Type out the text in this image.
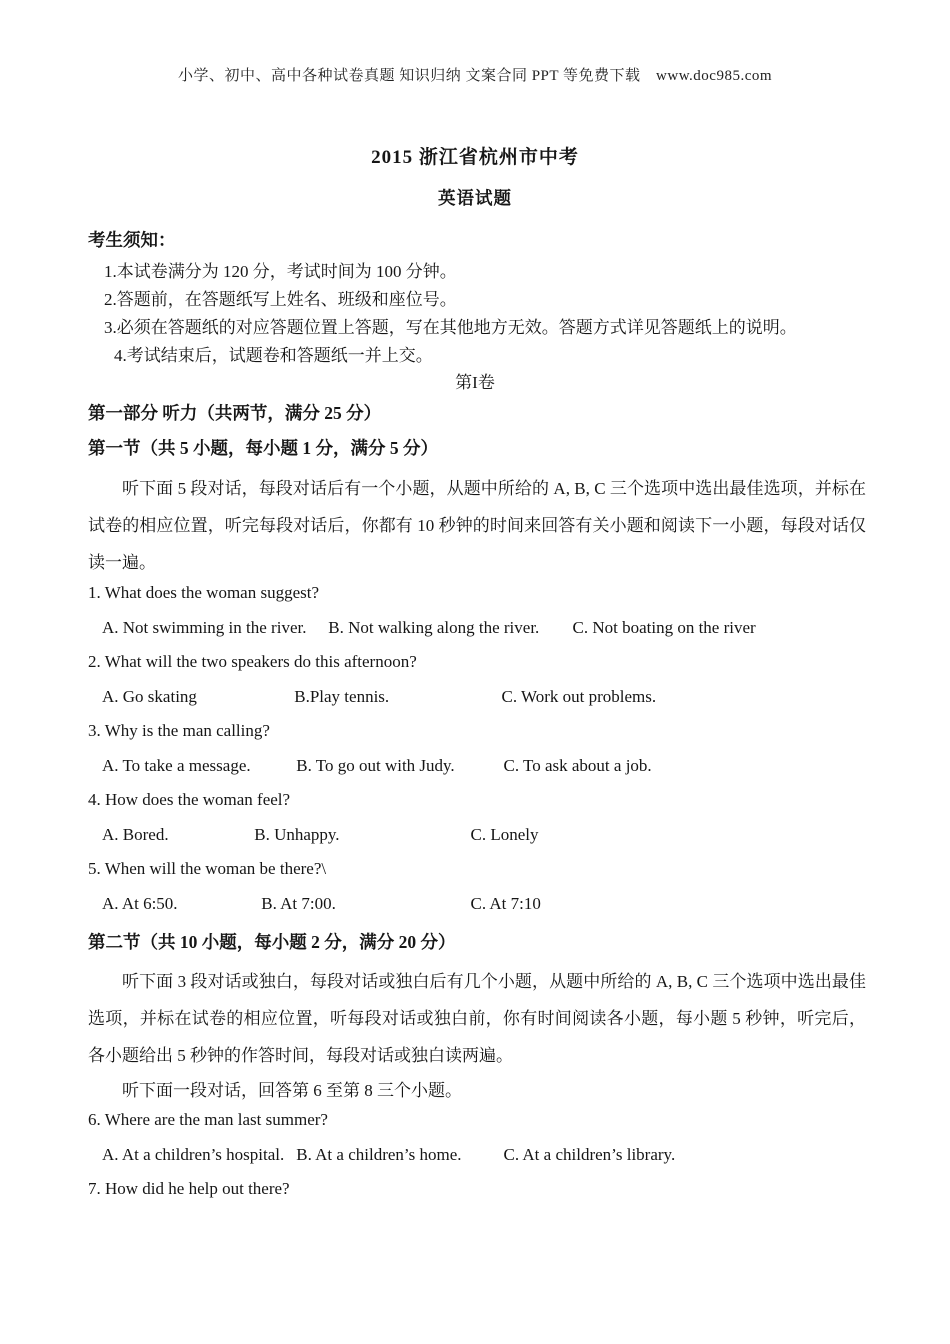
小学、初中、高中各种试卷真题 知识归纳 文案合同 PPT 等免费下载　www.doc985.com
2015 浙江省杭州市中考
英语试题
考生须知：
1.本试卷满分为 120 分，考试时间为 100 分钟。
2.答题前，在答题纸写上姓名、班级和座位号。
3.必须在答题纸的对应答题位置上答题，写在其他地方无效。答题方式详见答题纸上的说明。
4.考试结束后，试题卷和答题纸一并上交。
第I卷
第一部分 听力（共两节，满分 25 分）
第一节（共 5 小题，每小题 1 分，满分 5 分）
听下面 5 段对话，每段对话后有一个小题，从题中所给的 A, B, C 三个选项中选出最佳选项，并标在试卷的相应位置，听完每段对话后，你都有 10 秒钟的时间来回答有关小题和阅读下一小题，每段对话仅读一遍。
1. What does the woman suggest?
A. Not swimming in the river. B. Not walking along the river. C. Not boating on the river
2. What will the two speakers do this afternoon?
A. Go skating	B.Play tennis.	C. Work out problems.
3. Why is the man calling?
A. To take a message.	B. To go out with Judy.	C. To ask about a job.
4. How does the woman feel?
A. Bored.	B. Unhappy.	C. Lonely
5. When will the woman be there?\
A. At 6:50.	B. At 7:00.	C. At 7:10
第二节（共 10 小题，每小题 2 分，满分 20 分）
听下面 3 段对话或独白，每段对话或独白后有几个小题，从题中所给的 A, B, C 三个选项中选出最佳选项，并标在试卷的相应位置，听每段对话或独白前，你有时间阅读各小题，每小题 5 秒钟，听完后，各小题给出 5 秒钟的作答时间，每段对话或独白读两遍。
听下面一段对话，回答第 6 至第 8 三个小题。
6. Where are the man last summer?
A. At a children’s hospital. B. At a children’s home. C. At a children’s library.
7. How did he help out there?
